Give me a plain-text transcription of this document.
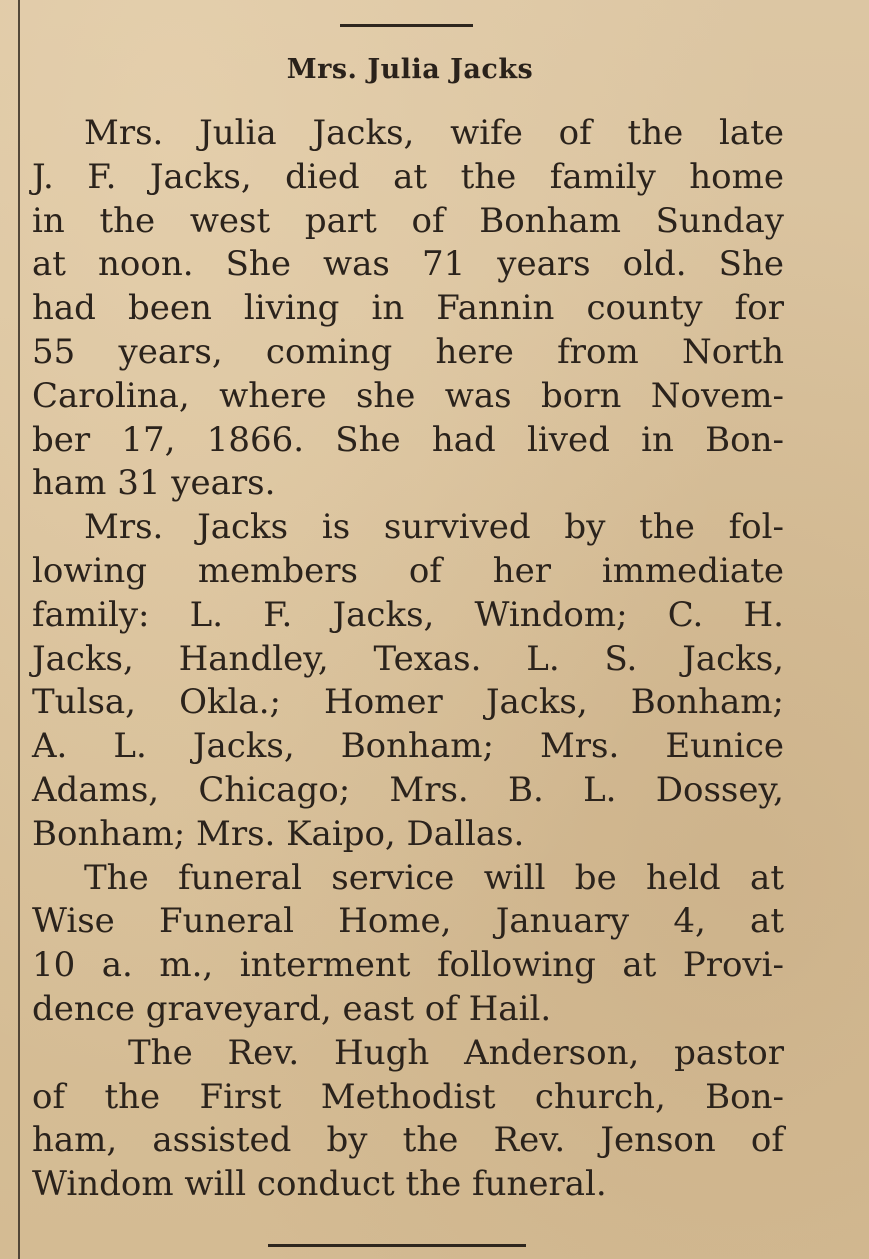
Mrs. Julia Jacks
Mrs. Julia Jacks, wife of the late
J. F. Jacks, died at the family home
in the west part of Bonham Sunday
at noon. She was 71 years old. She
had been living in Fannin county for
55 years, coming here from North
Carolina, where she was born Novem-
ber 17, 1866. She had lived in Bon-
ham 31 years.
Mrs. Jacks is survived by the fol-
lowing members of her immediate
family: L. F. Jacks, Windom; C. H.
Jacks, Handley, Texas. L. S. Jacks,
Tulsa, Okla.; Homer Jacks, Bonham;
A. L. Jacks, Bonham; Mrs. Eunice
Adams, Chicago; Mrs. B. L. Dossey,
Bonham; Mrs. Kaipo, Dallas.
The funeral service will be held at
Wise Funeral Home, January 4, at
10 a. m., interment following at Provi-
dence graveyard, east of Hail.
The Rev. Hugh Anderson, pastor
of the First Methodist church, Bon-
ham, assisted by the Rev. Jenson of
Windom will conduct the funeral.
